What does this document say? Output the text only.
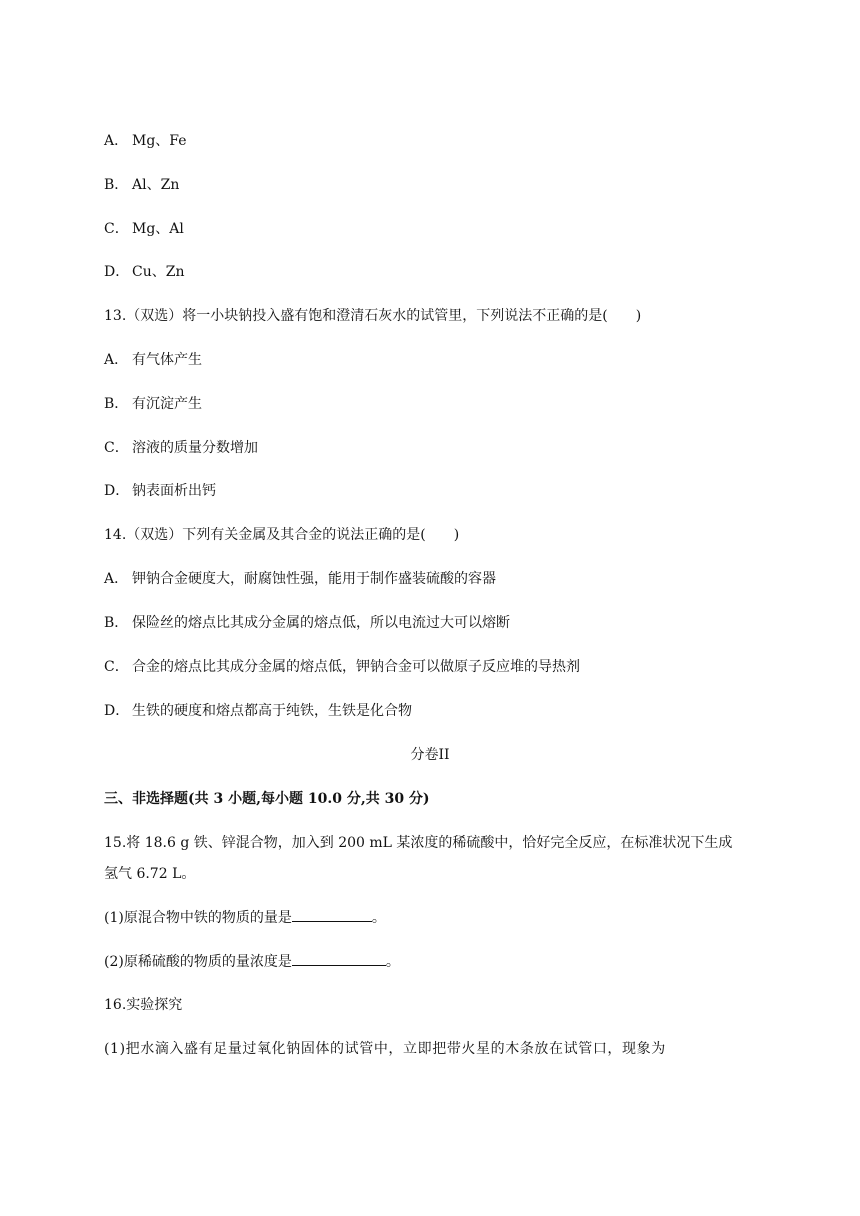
A． Mg、Fe
B． Al、Zn
C． Mg、Al
D． Cu、Zn
13.（双选）将一小块钠投入盛有饱和澄清石灰水的试管里，下列说法不正确的是(　　)
A． 有气体产生
B． 有沉淀产生
C． 溶液的质量分数增加
D． 钠表面析出钙
14.（双选）下列有关金属及其合金的说法正确的是(　　)
A． 钾钠合金硬度大，耐腐蚀性强，能用于制作盛装硫酸的容器
B． 保险丝的熔点比其成分金属的熔点低，所以电流过大可以熔断
C． 合金的熔点比其成分金属的熔点低，钾钠合金可以做原子反应堆的导热剂
D． 生铁的硬度和熔点都高于纯铁，生铁是化合物
分卷II
三、非选择题(共 3 小题,每小题 10.0 分,共 30 分)
15.将 18.6 g 铁、锌混合物，加入到 200 mL 某浓度的稀硫酸中，恰好完全反应，在标准状况下生成
氢气 6.72 L。
(1)原混合物中铁的物质的量是	。
(2)原稀硫酸的物质的量浓度是	。
16.实验探究
(1)把水滴入盛有足量过氧化钠固体的试管中，立即把带火星的木条放在试管口，现象为
